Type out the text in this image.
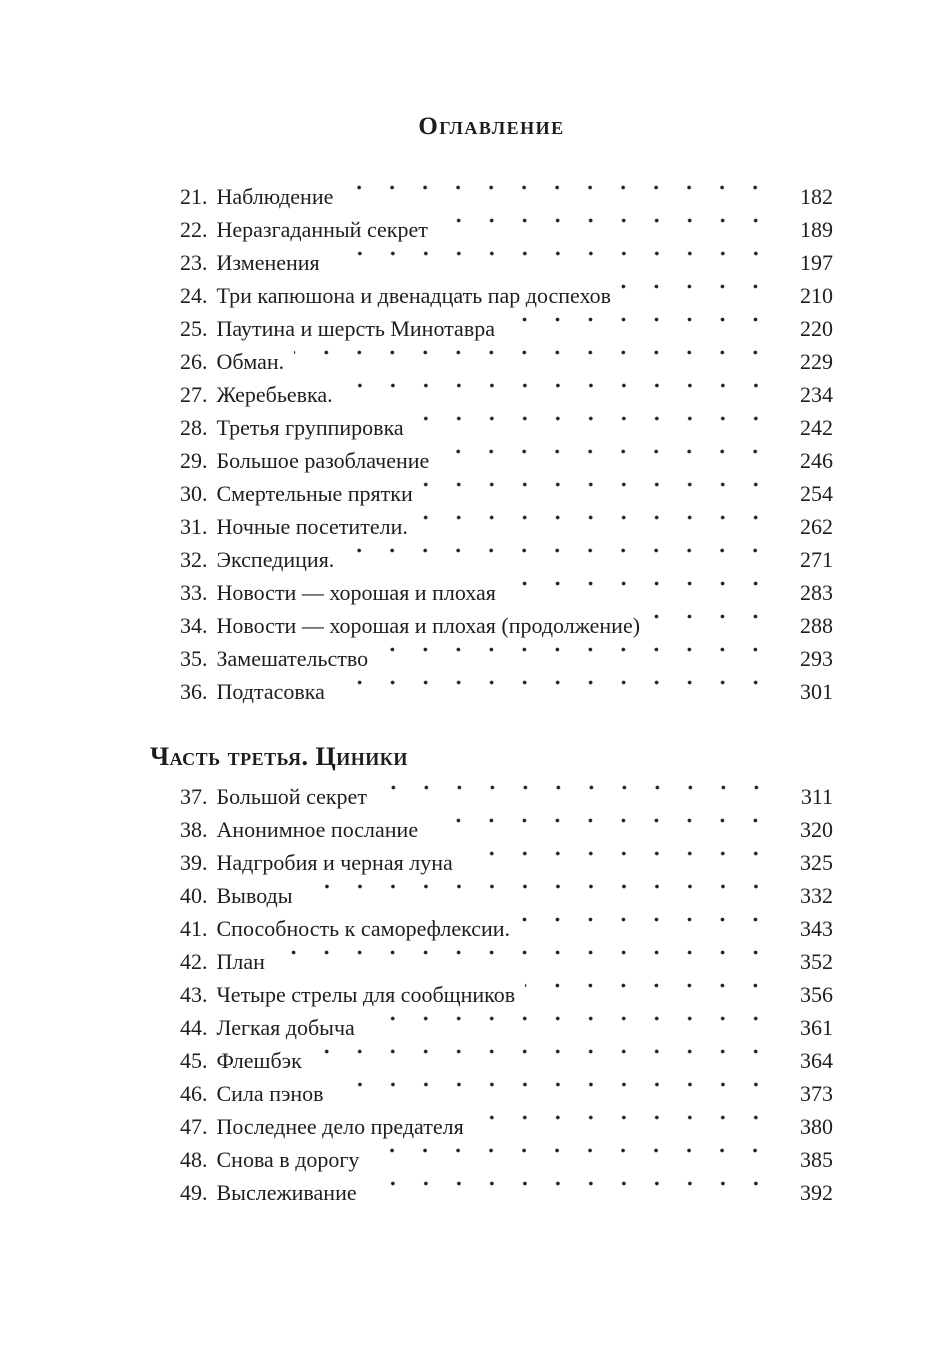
Оглавление
21. Наблюдение	182
22. Неразгаданный секрет	189
23. Изменения	197
24. Три капюшона и двенадцать пар доспехов	210
25. Паутина и шерсть Минотавра	220
26. Обман.	229
27. Жеребьевка.	234
28. Третья группировка	242
29. Большое разоблачение	246
30. Смертельные прятки	254
31. Ночные посетители.	262
32. Экспедиция.	271
33. Новости — хорошая и плохая	283
34. Новости — хорошая и плохая (продолжение)	288
35. Замешательство	293
36. Подтасовка	301
Часть третья. Циники
37. Большой секрет	311
38. Анонимное послание	320
39. Надгробия и черная луна	325
40. Выводы	332
41. Способность к саморефлексии.	343
42. План	352
43. Четыре стрелы для сообщников	356
44. Легкая добыча	361
45. Флешбэк	364
46. Сила пэнов	373
47. Последнее дело предателя	380
48. Снова в дорогу	385
49. Выслеживание	392
